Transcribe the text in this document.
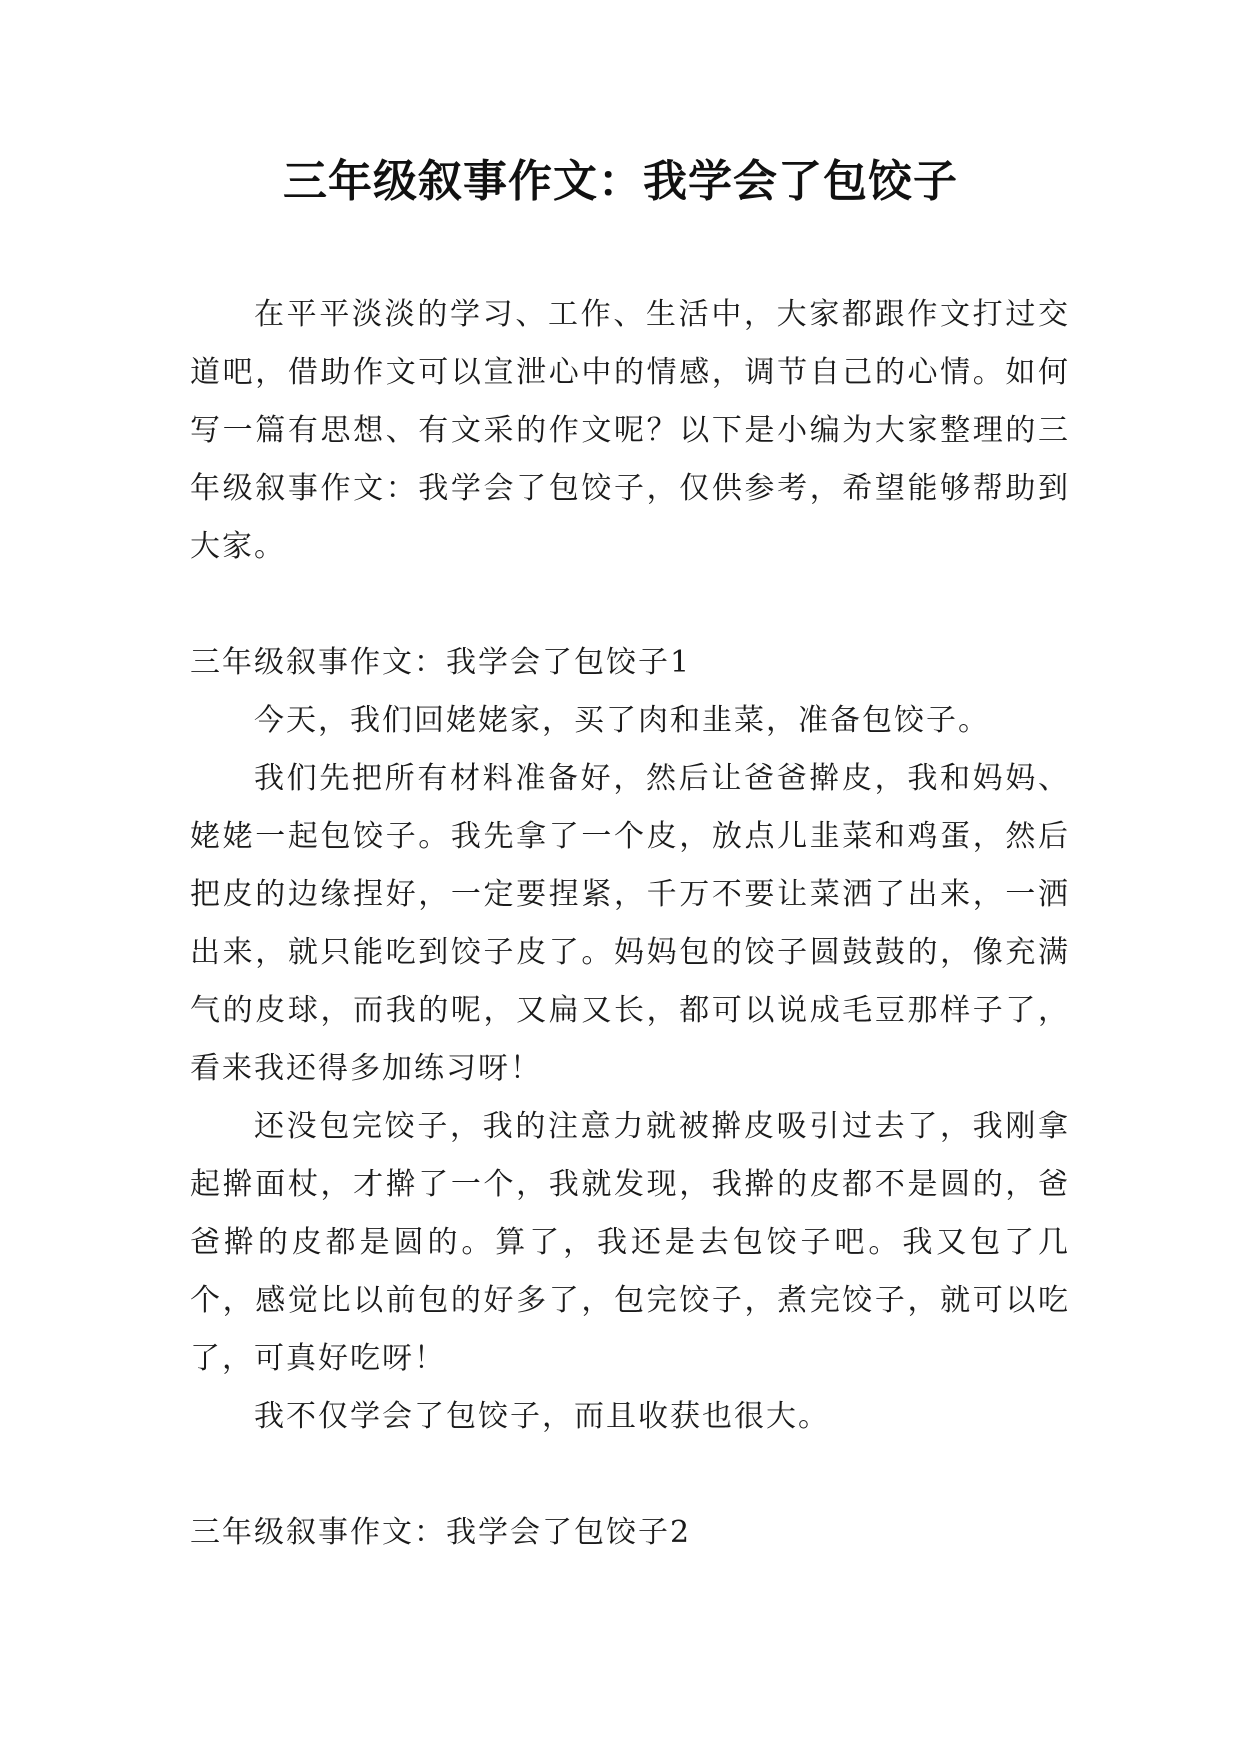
三年级叙事作文：我学会了包饺子

在平平淡淡的学习、工作、生活中，大家都跟作文打过交道吧，借助作文可以宣泄心中的情感，调节自己的心情。如何写一篇有思想、有文采的作文呢？以下是小编为大家整理的三年级叙事作文：我学会了包饺子，仅供参考，希望能够帮助到大家。

三年级叙事作文：我学会了包饺子1

今天，我们回姥姥家，买了肉和韭菜，准备包饺子。

我们先把所有材料准备好，然后让爸爸擀皮，我和妈妈、姥姥一起包饺子。我先拿了一个皮，放点儿韭菜和鸡蛋，然后把皮的边缘捏好，一定要捏紧，千万不要让菜洒了出来，一洒出来，就只能吃到饺子皮了。妈妈包的饺子圆鼓鼓的，像充满气的皮球，而我的呢，又扁又长，都可以说成毛豆那样子了，看来我还得多加练习呀！

还没包完饺子，我的注意力就被擀皮吸引过去了，我刚拿起擀面杖，才擀了一个，我就发现，我擀的皮都不是圆的，爸爸擀的皮都是圆的。算了，我还是去包饺子吧。我又包了几个，感觉比以前包的好多了，包完饺子，煮完饺子，就可以吃了，可真好吃呀！

我不仅学会了包饺子，而且收获也很大。

三年级叙事作文：我学会了包饺子2
